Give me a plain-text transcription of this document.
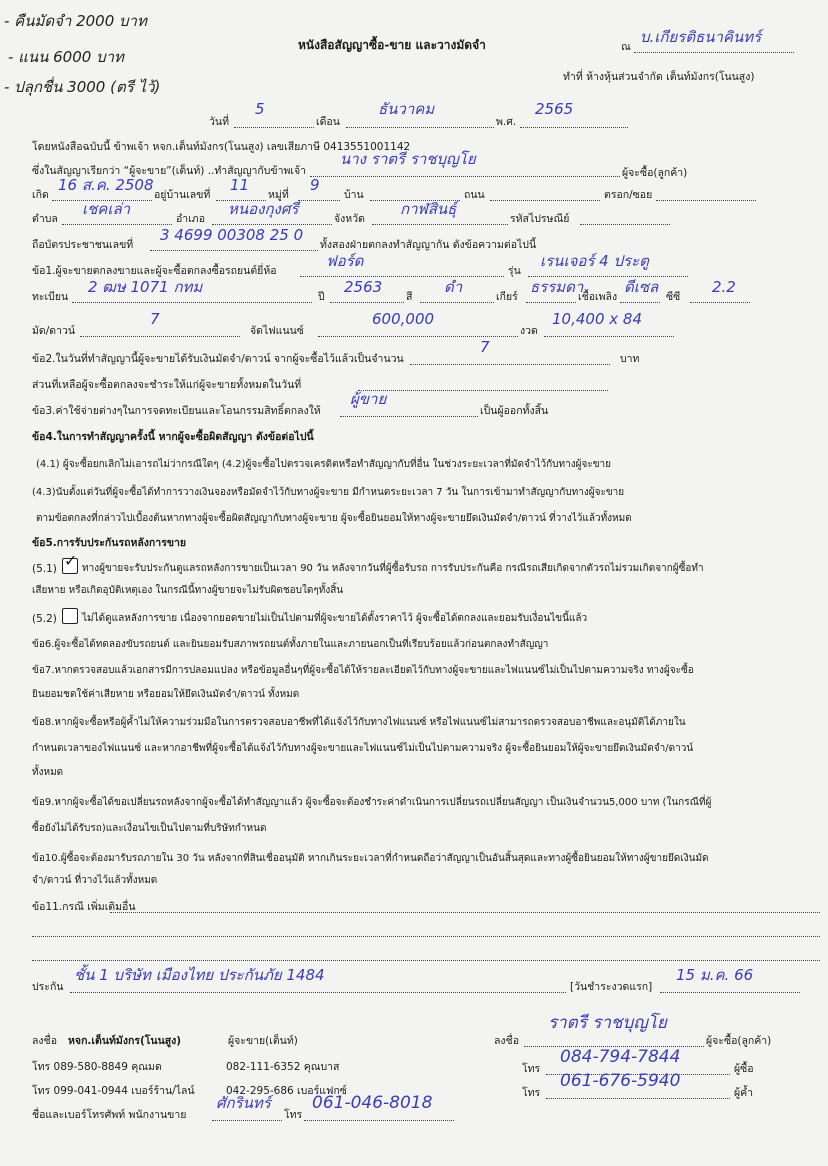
- คืนมัดจำ 2000 บาท
- แนน 6000 บาท
- ปลุกชื่น 3000 (ตรี ไว้)
หนังสือสัญญาซื้อ-ขาย และวางมัดจำ	ณ
บ.เกียรติธนาคินทร์
ทำที่ ห้างหุ้นส่วนจำกัด เต็นท์มังกร(โนนสูง)
วันที่
5
เดือน
ธันวาคม
พ.ศ.
2565
โดยหนังสือฉบับนี้ ข้าพเจ้า หจก.เต็นท์มังกร(โนนสูง) เลขเสียภาษี 0413551001142
ซึ่งในสัญญาเรียกว่า “ผู้จะขาย”(เต็นท์) ..ทำสัญญากับข้าพเจ้า
นาง ราตรี ราชบุญโย
ผู้จะซื้อ(ลูกค้า)
เกิด
16 ส.ค. 2508
อยู่บ้านเลขที่
11
หมู่ที่
9
บ้าน	ถนน	ตรอก/ซอย
ตำบล
เชคเล่า
อำเภอ
หนองกุงศรี
จังหวัด
กาฬสินธุ์
รหัสไปรษณีย์
ถือบัตรประชาชนเลขที่
3 4699 00308 25 0
ทั้งสองฝ่ายตกลงทำสัญญากัน ดังข้อความต่อไปนี้
ข้อ1.ผู้จะขายตกลงขายและผู้จะซื้อตกลงซื้อรถยนต์ยี่ห้อ
ฟอร์ด
รุ่น
เรนเจอร์ 4 ประตู
ทะเบียน
2 ฒษ 1071 กทม
ปี
2563
สี
ดำ
เกียร์
ธรรมดา
เชื้อเพลิง
ดีเซล
ซีซี
2.2
มัด/ดาวน์
7
จัดไฟแนนซ์
600,000
งวด
10,400 x 84
ข้อ2.ในวันที่ทำสัญญานี้ผู้จะขายได้รับเงินมัดจำ/ดาวน์ จากผู้จะซื้อไว้แล้วเป็นจำนวน
7
บาท
ส่วนที่เหลือผู้จะซื้อตกลงจะชำระให้แก่ผู้จะขายทั้งหมดในวันที่
ข้อ3.ค่าใช้จ่ายต่างๆในการจดทะเบียนและโอนกรรมสิทธิ์ตกลงให้
ผู้ขาย
เป็นผู้ออกทั้งสิ้น
ข้อ4.ในการทำสัญญาครั้งนี้ หากผู้จะซื้อผิดสัญญา ดังข้อต่อไปนี้
(4.1) ผู้จะซื้อยกเลิกไม่เอารถไม่ว่ากรณีใดๆ (4.2)ผู้จะซื้อไปตรวจเครดิตหรือทำสัญญากับที่อื่น ในช่วงระยะเวลาที่มัดจำไว้กับทางผู้จะขาย
(4.3)นับตั้งแต่วันที่ผู้จะซื้อได้ทำการวางเงินจองหรือมัดจำไว้กับทางผู้จะขาย มีกำหนดระยะเวลา 7 วัน ในการเข้ามาทำสัญญากับทางผู้จะขาย
ตามข้อตกลงที่กล่าวไปเบื้องต้นหากทางผู้จะซื้อผิดสัญญากับทางผู้จะขาย ผู้จะซื้อยินยอมให้ทางผู้จะขายยึดเงินมัดจำ/ดาวน์ ที่วางไว้แล้วทั้งหมด
ข้อ5.การรับประกันรถหลังการขาย
(5.1) ✓ ทางผู้ขายจะรับประกันดูแลรถหลังการขายเป็นเวลา 90 วัน หลังจากวันที่ผู้ซื้อรับรถ การรับประกันคือ กรณีรถเสียเกิดจากตัวรถไม่รวมเกิดจากผู้ซื้อทำ
เสียหาย หรือเกิดอุบัติเหตุเอง ในกรณีนี้ทางผู้ขายจะไม่รับผิดชอบใดๆทั้งสิ้น
(5.2)	ไม่ได้ดูแลหลังการขาย เนื่องจากยอดขายไม่เป็นไปตามที่ผู้จะขายได้ตั้งราคาไว้ ผู้จะซื้อได้ตกลงและยอมรับเงื่อนไขนี้แล้ว
ข้อ6.ผู้จะซื้อได้ทดลองขับรถยนต์ และยินยอมรับสภาพรถยนต์ทั้งภายในและภายนอกเป็นที่เรียบร้อยแล้วก่อนตกลงทำสัญญา
ข้อ7.หากตรวจสอบแล้วเอกสารมีการปลอมแปลง หรือข้อมูลอื่นๆที่ผู้จะซื้อได้ให้รายละเอียดไว้กับทางผู้จะขายและไฟแนนซ์ไม่เป็นไปตามความจริง ทางผู้จะซื้อ
ยินยอมชดใช้ค่าเสียหาย หรือยอมให้ยึดเงินมัดจำ/ดาวน์ ทั้งหมด
ข้อ8.หากผู้จะซื้อหรือผู้ค้ำไม่ให้ความร่วมมือในการตรวจสอบอาชีพที่ได้แจ้งไว้กับทางไฟแนนซ์ หรือไฟแนนซ์ไม่สามารถตรวจสอบอาชีพและอนุมัติได้ภายใน
กำหนดเวลาของไฟแนนซ์ และหากอาชีพที่ผู้จะซื้อได้แจ้งไว้กับทางผู้จะขายและไฟแนนซ์ไม่เป็นไปตามความจริง ผู้จะซื้อยินยอมให้ผู้จะขายยึดเงินมัดจำ/ดาวน์
ทั้งหมด
ข้อ9.หากผู้จะซื้อได้ขอเปลี่ยนรถหลังจากผู้จะซื้อได้ทำสัญญาแล้ว ผู้จะซื้อจะต้องชำระค่าดำเนินการเปลี่ยนรถเปลี่ยนสัญญา เป็นเงินจำนวน5,000 บาท (ในกรณีที่ผู้
ซื้อยังไม่ได้รับรถ)และเงื่อนไขเป็นไปตามที่บริษัทกำหนด
ข้อ10.ผู้ซื้อจะต้องมารับรถภายใน 30 วัน หลังจากที่สินเชื่ออนุมัติ หากเกินระยะเวลาที่กำหนดถือว่าสัญญาเป็นอันสิ้นสุดและทางผู้ซื้อยินยอมให้ทางผู้ขายยึดเงินมัด
จำ/ดาวน์ ที่วางไว้แล้วทั้งหมด
ข้อ11.กรณี เพิ่มเติมอื่น
ประกัน
ชั้น 1 บริษัท เมืองไทย ประกันภัย 1484
[วันชำระงวดแรก]
15 ม.ค. 66
ลงชื่อ หจก.เต็นท์มังกร(โนนสูง)	ผู้จะขาย(เต็นท์)	ลงชื่อ
ราตรี ราชบุญโย
ผู้จะซื้อ(ลูกค้า)
โทร 089-580-8849 คุณมด	082-111-6352 คุณบาส
โทร 099-041-0944 เบอร์ร้าน/ไลน์	042-295-686 เบอร์แฟกซ์
โทร
084-794-7844
ผู้ซื้อ
โทร
061-676-5940
ผู้ค้ำ
ชื่อและเบอร์โทรศัพท์ พนักงานขาย
ศักรินทร์
โทร
061-046-8018
